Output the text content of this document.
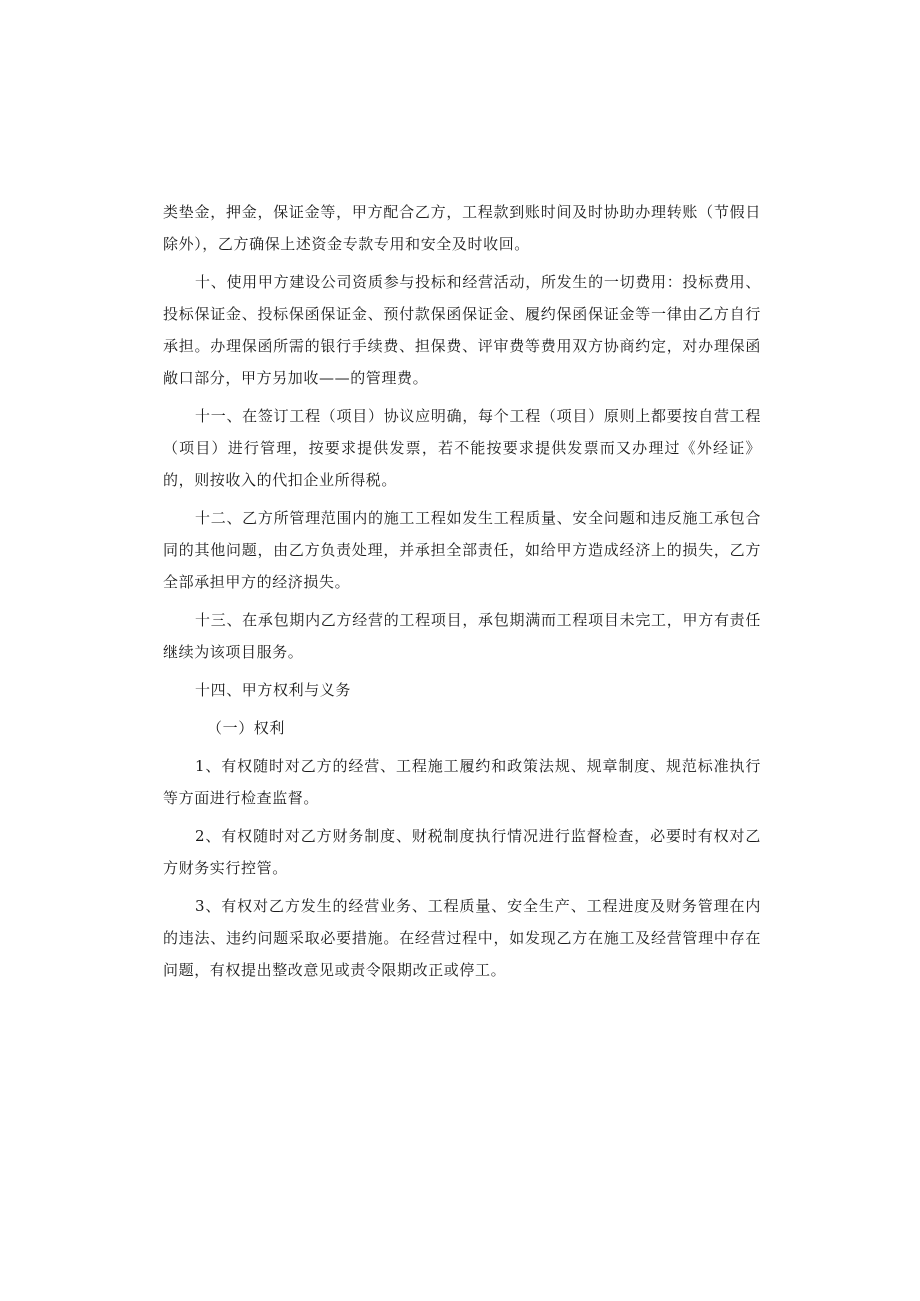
类垫金，押金，保证金等，甲方配合乙方，工程款到账时间及时协助办理转账（节假日除外），乙方确保上述资金专款专用和安全及时收回。

十、使用甲方建设公司资质参与投标和经营活动，所发生的一切费用：投标费用、投标保证金、投标保函保证金、预付款保函保证金、履约保函保证金等一律由乙方自行承担。办理保函所需的银行手续费、担保费、评审费等费用双方协商约定，对办理保函敞口部分，甲方另加收——的管理费。

十一、在签订工程（项目）协议应明确，每个工程（项目）原则上都要按自营工程（项目）进行管理，按要求提供发票，若不能按要求提供发票而又办理过《外经证》的，则按收入的代扣企业所得税。

十二、乙方所管理范围内的施工工程如发生工程质量、安全问题和违反施工承包合同的其他问题，由乙方负责处理，并承担全部责任，如给甲方造成经济上的损失，乙方全部承担甲方的经济损失。

十三、在承包期内乙方经营的工程项目，承包期满而工程项目未完工，甲方有责任继续为该项目服务。

十四、甲方权利与义务

（一）权利

1、有权随时对乙方的经营、工程施工履约和政策法规、规章制度、规范标准执行等方面进行检查监督。

2、有权随时对乙方财务制度、财税制度执行情况进行监督检查，必要时有权对乙方财务实行控管。

3、有权对乙方发生的经营业务、工程质量、安全生产、工程进度及财务管理在内的违法、违约问题采取必要措施。在经营过程中，如发现乙方在施工及经营管理中存在问题，有权提出整改意见或责令限期改正或停工。
